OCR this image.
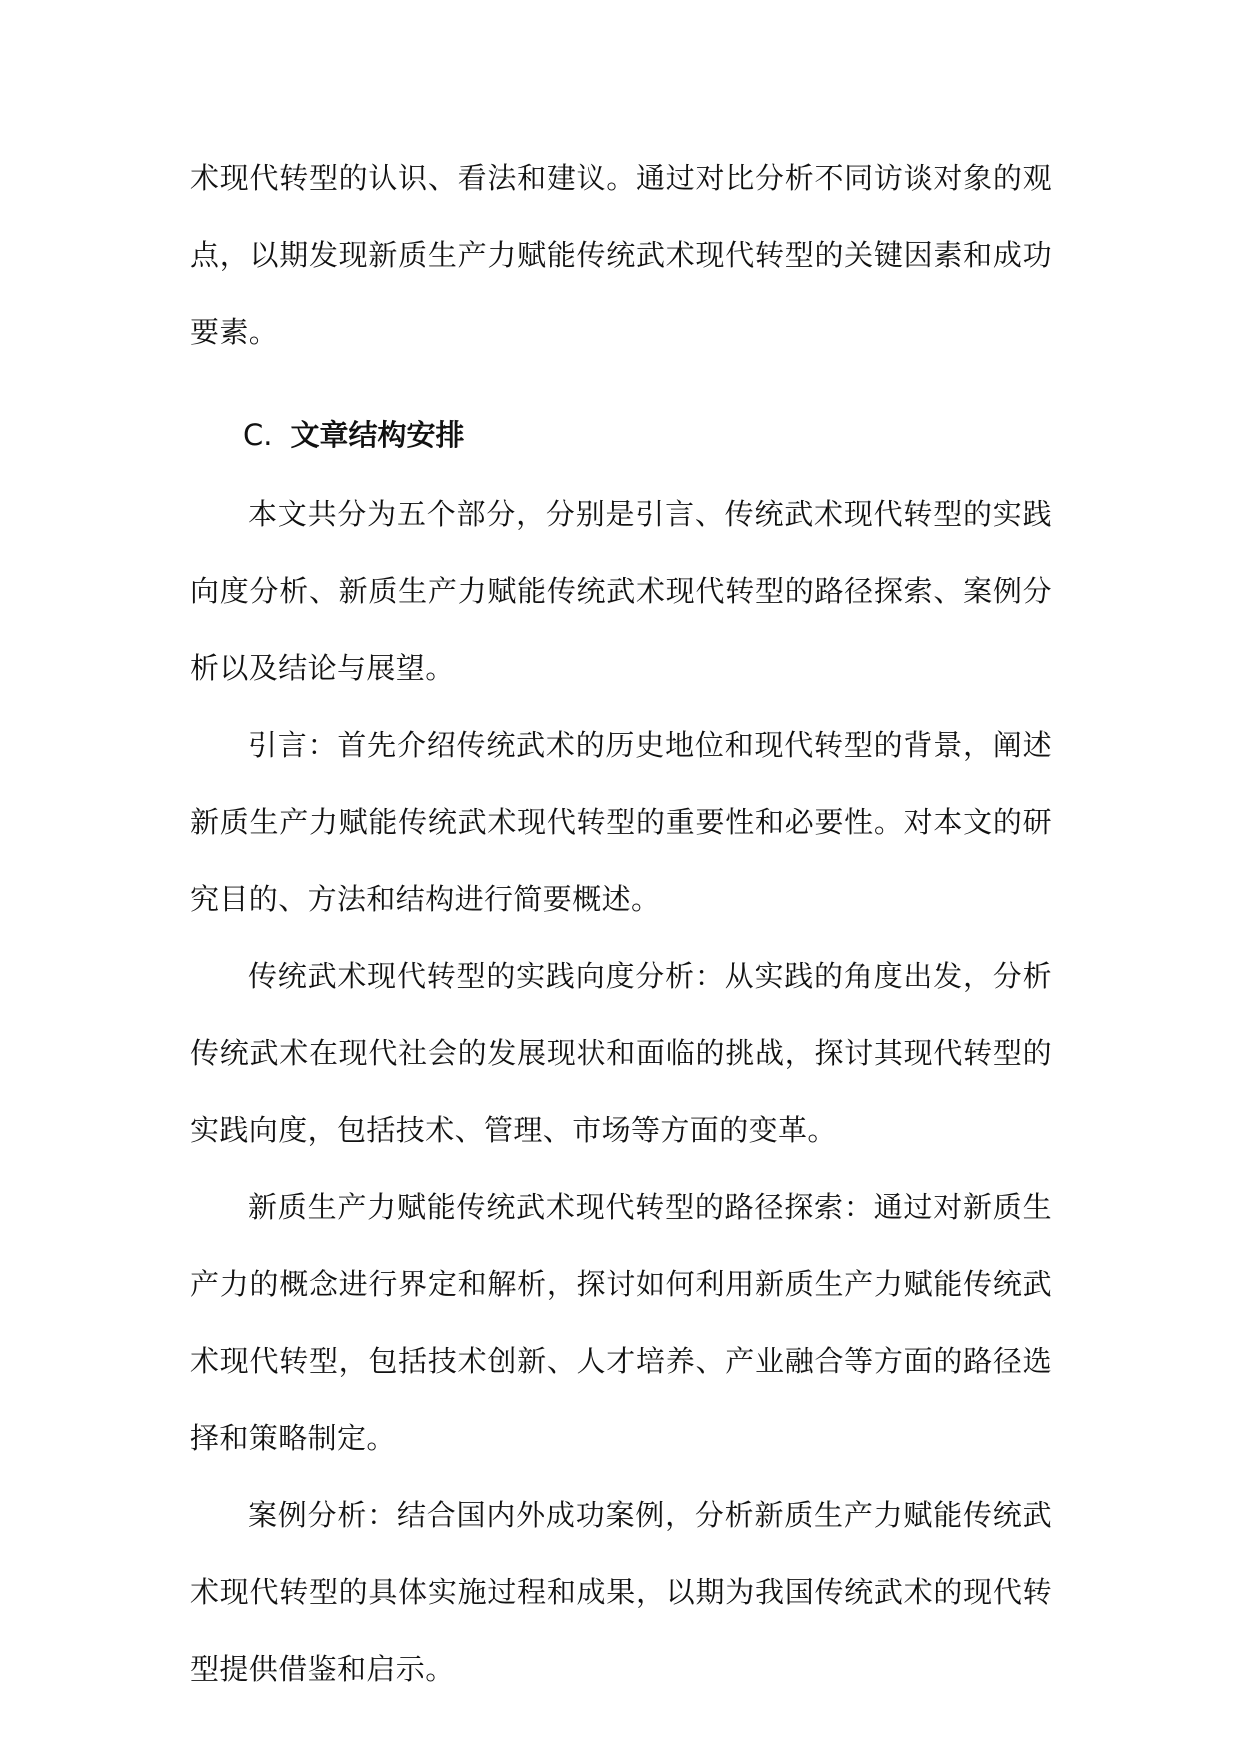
术现代转型的认识、看法和建议。通过对比分析不同访谈对象的观点，以期发现新质生产力赋能传统武术现代转型的关键因素和成功要素。

C. 文章结构安排

本文共分为五个部分，分别是引言、传统武术现代转型的实践向度分析、新质生产力赋能传统武术现代转型的路径探索、案例分析以及结论与展望。

引言：首先介绍传统武术的历史地位和现代转型的背景，阐述新质生产力赋能传统武术现代转型的重要性和必要性。对本文的研究目的、方法和结构进行简要概述。

传统武术现代转型的实践向度分析：从实践的角度出发，分析传统武术在现代社会的发展现状和面临的挑战，探讨其现代转型的实践向度，包括技术、管理、市场等方面的变革。

新质生产力赋能传统武术现代转型的路径探索：通过对新质生产力的概念进行界定和解析，探讨如何利用新质生产力赋能传统武术现代转型，包括技术创新、人才培养、产业融合等方面的路径选择和策略制定。

案例分析：结合国内外成功案例，分析新质生产力赋能传统武术现代转型的具体实施过程和成果，以期为我国传统武术的现代转型提供借鉴和启示。
